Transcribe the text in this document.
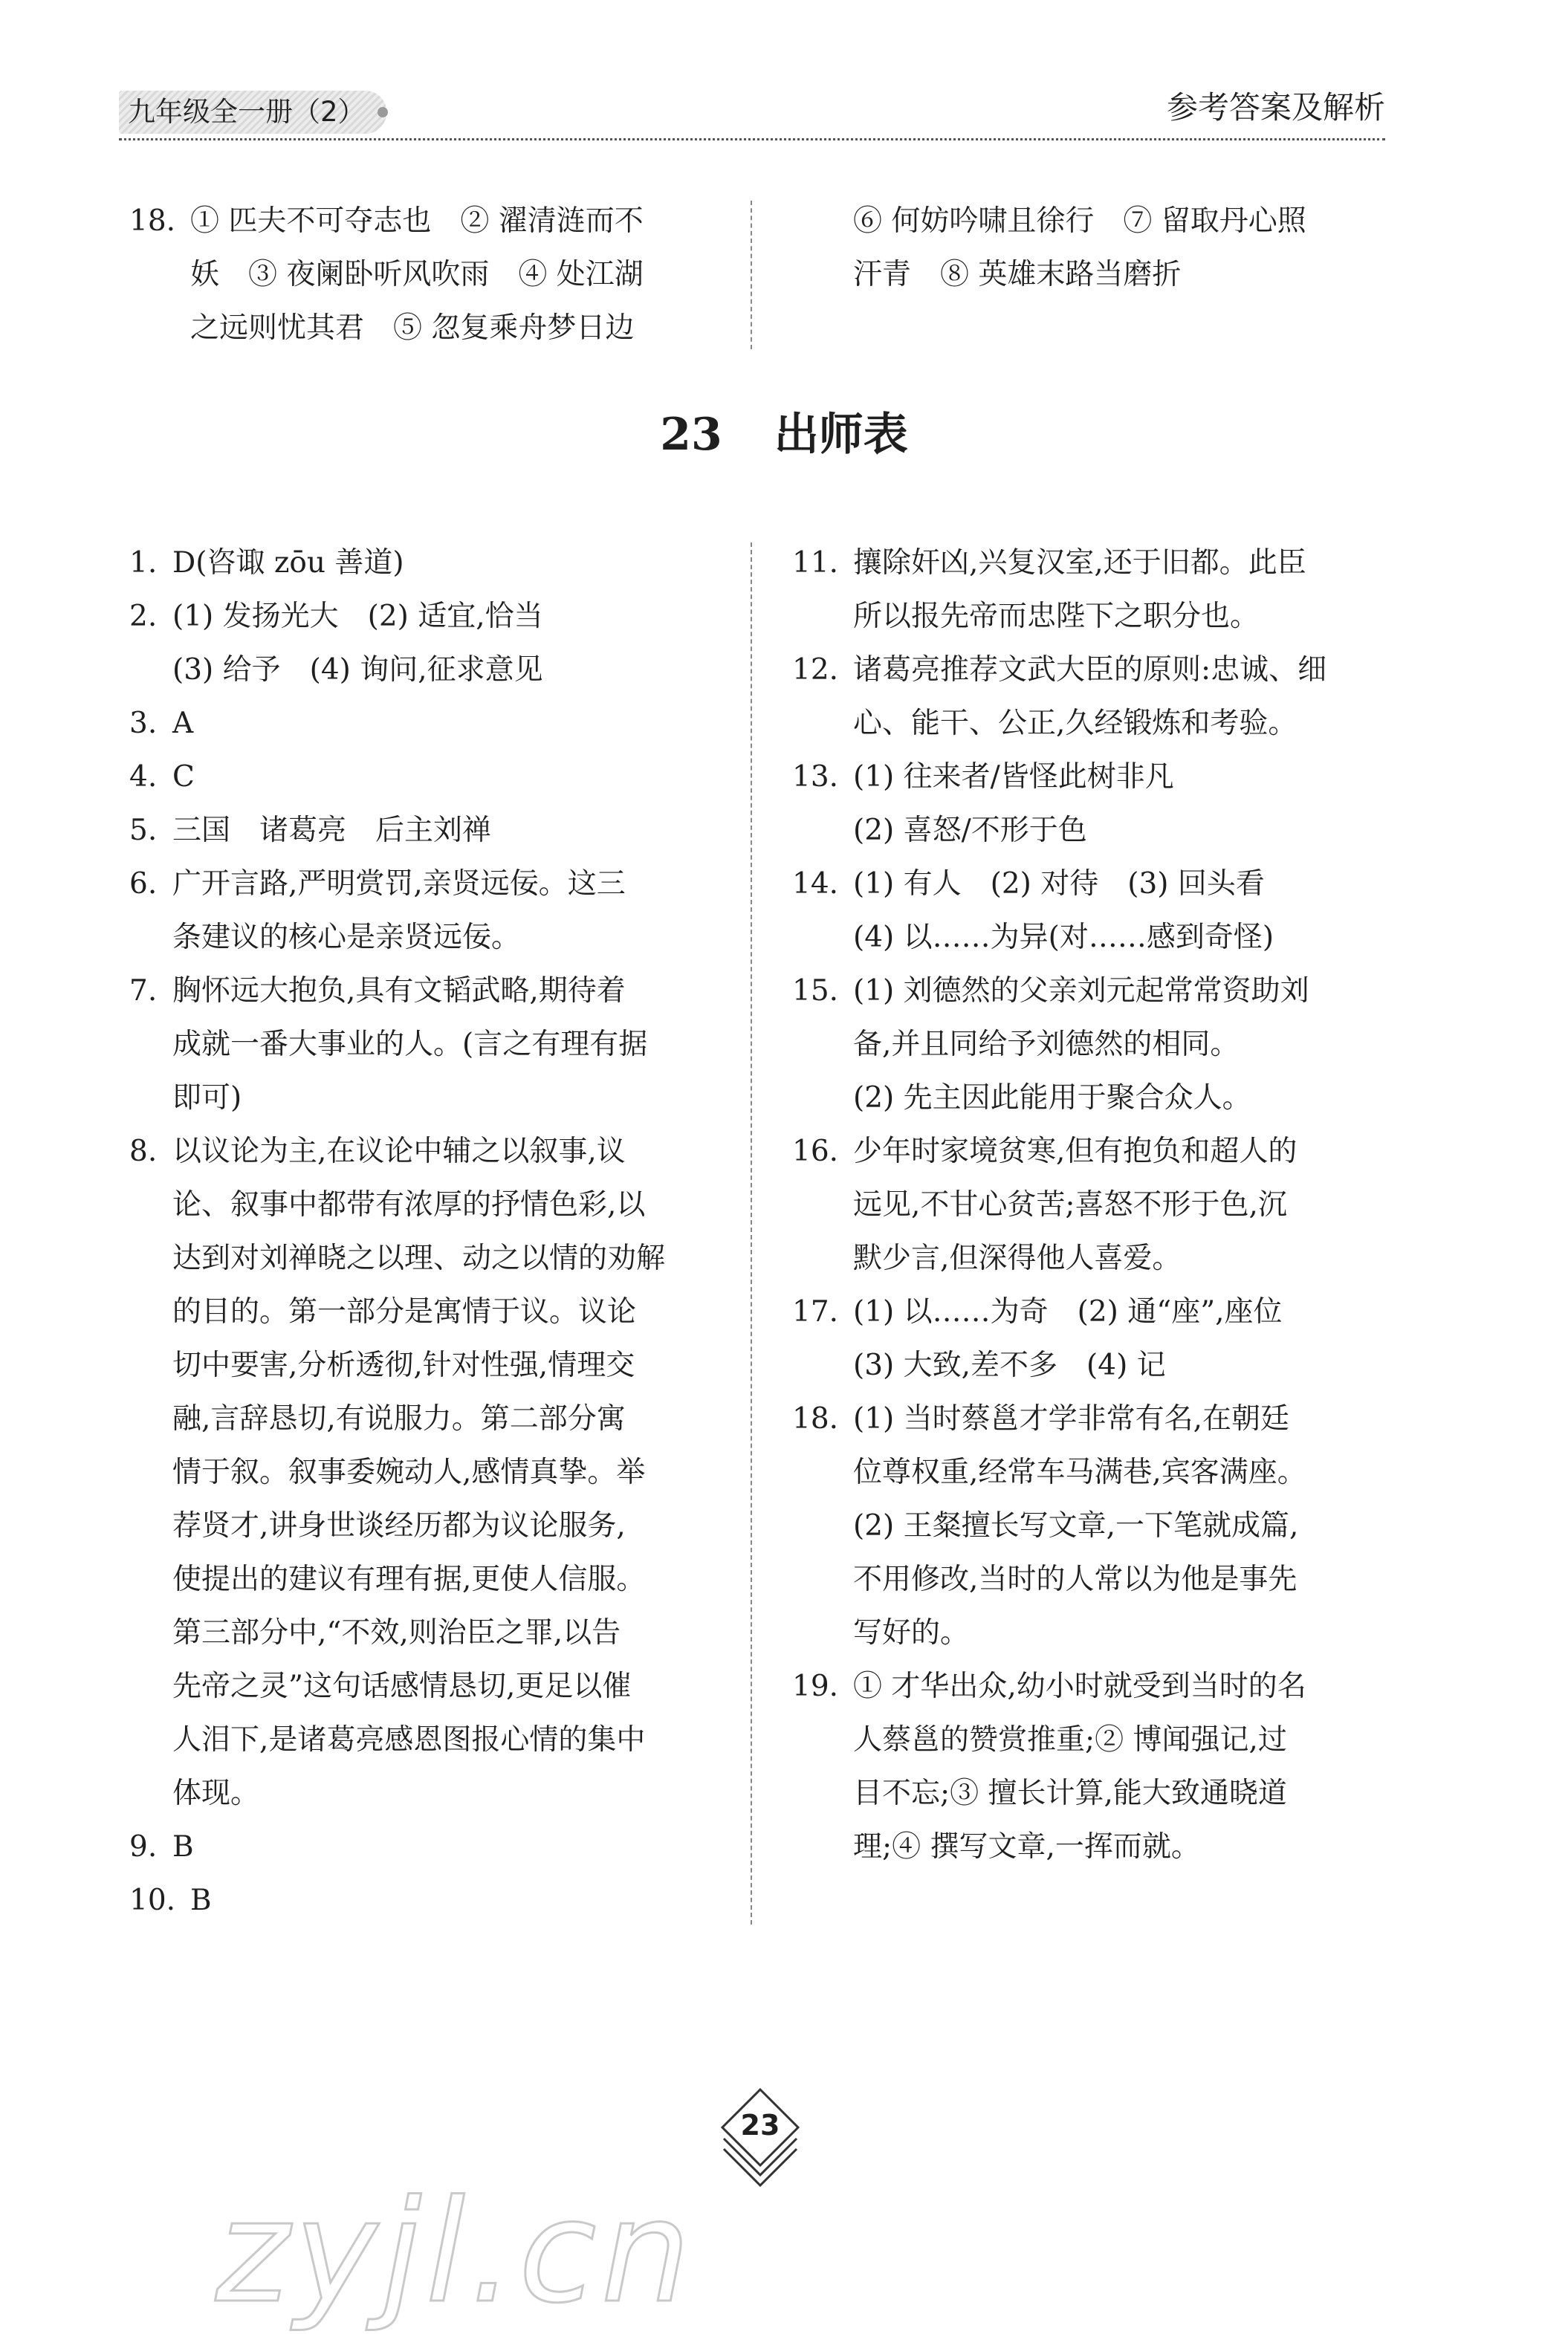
九年级全一册（2）	参考答案及解析
18. ① 匹夫不可夺志也　② 濯清涟而不
妖　③ 夜阑卧听风吹雨　④ 处江湖
之远则忧其君　⑤ 忽复乘舟梦日边
⑥ 何妨吟啸且徐行　⑦ 留取丹心照
汗青　⑧ 英雄末路当磨折
23 出师表
1. D(咨诹 zōu 善道)
2. (1) 发扬光大　(2) 适宜,恰当
(3) 给予　(4) 询问,征求意见
3. A
4. C
5. 三国　诸葛亮　后主刘禅
6. 广开言路,严明赏罚,亲贤远佞。这三
条建议的核心是亲贤远佞。
7. 胸怀远大抱负,具有文韬武略,期待着
成就一番大事业的人。(言之有理有据
即可)
8. 以议论为主,在议论中辅之以叙事,议
论、叙事中都带有浓厚的抒情色彩,以
达到对刘禅晓之以理、动之以情的劝解
的目的。第一部分是寓情于议。议论
切中要害,分析透彻,针对性强,情理交
融,言辞恳切,有说服力。第二部分寓
情于叙。叙事委婉动人,感情真挚。举
荐贤才,讲身世谈经历都为议论服务,
使提出的建议有理有据,更使人信服。
第三部分中,“不效,则治臣之罪,以告
先帝之灵”这句话感情恳切,更足以催
人泪下,是诸葛亮感恩图报心情的集中
体现。
9. B
10. B
11. 攘除奸凶,兴复汉室,还于旧都。此臣
所以报先帝而忠陛下之职分也。
12. 诸葛亮推荐文武大臣的原则:忠诚、细
心、能干、公正,久经锻炼和考验。
13. (1) 往来者/皆怪此树非凡
(2) 喜怒/不形于色
14. (1) 有人　(2) 对待　(3) 回头看
(4) 以……为异(对……感到奇怪)
15. (1) 刘德然的父亲刘元起常常资助刘
备,并且同给予刘德然的相同。
(2) 先主因此能用于聚合众人。
16. 少年时家境贫寒,但有抱负和超人的
远见,不甘心贫苦;喜怒不形于色,沉
默少言,但深得他人喜爱。
17. (1) 以……为奇　(2) 通“座”,座位
(3) 大致,差不多　(4) 记
18. (1) 当时蔡邕才学非常有名,在朝廷
位尊权重,经常车马满巷,宾客满座。
(2) 王粲擅长写文章,一下笔就成篇,
不用修改,当时的人常以为他是事先
写好的。
19. ① 才华出众,幼小时就受到当时的名
人蔡邕的赞赏推重;② 博闻强记,过
目不忘;③ 擅长计算,能大致通晓道
理;④ 撰写文章,一挥而就。
23
zyjl.cn
